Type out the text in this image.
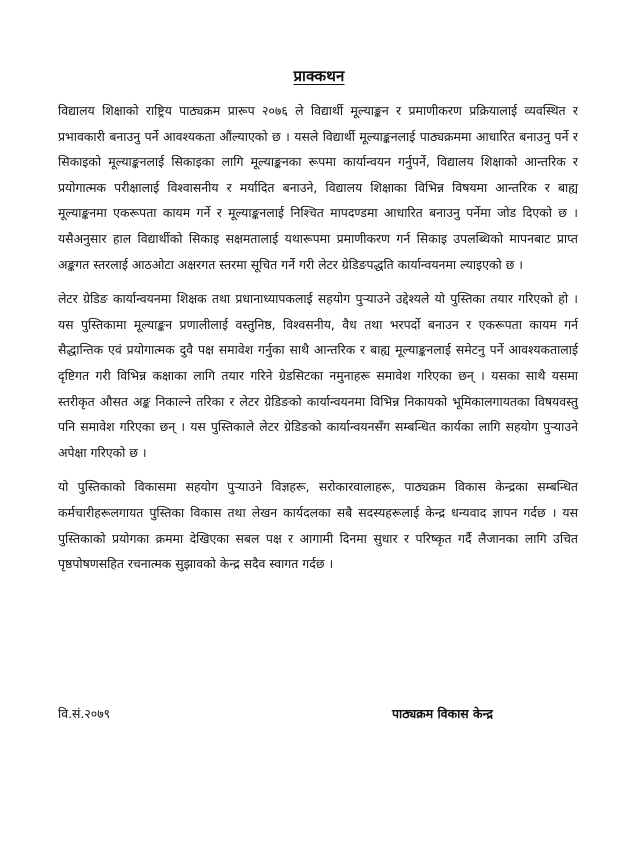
प्राक्कथन

विद्यालय शिक्षाको राष्ट्रिय पाठ्यक्रम प्रारूप २०७६ ले विद्यार्थी मूल्याङ्कन र प्रमाणीकरण प्रक्रियालाई व्यवस्थित र प्रभावकारी बनाउनु पर्ने आवश्यकता औंल्याएको छ । यसले विद्यार्थी मूल्याङ्कनलाई पाठ्यक्रममा आधारित बनाउनु पर्ने र सिकाइको मूल्याङ्कनलाई सिकाइका लागि मूल्याङ्कनका रूपमा कार्यान्वयन गर्नुपर्ने, विद्यालय शिक्षाको आन्तरिक र प्रयोगात्मक परीक्षालाई विश्वासनीय र मर्यादित बनाउने, विद्यालय शिक्षाका विभिन्न विषयमा आन्तरिक र बाह्य मूल्याङ्कनमा एकरूपता कायम गर्ने र मूल्याङ्कनलाई निश्चित मापदण्डमा आधारित बनाउनु पर्नेमा जोड दिएको छ । यसैअनुसार हाल विद्यार्थीको सिकाइ सक्षमतालाई यथारूपमा प्रमाणीकरण गर्न सिकाइ उपलब्धिको मापनबाट प्राप्त अङ्कगत स्तरलाई आठओटा अक्षरगत स्तरमा सूचित गर्ने गरी लेटर ग्रेडिङपद्धति कार्यान्वयनमा ल्याइएको छ ।

लेटर ग्रेडिङ कार्यान्वयनमा शिक्षक तथा प्रधानाध्यापकलाई सहयोग पुऱ्याउने उद्देश्यले यो पुस्तिका तयार गरिएको हो । यस पुस्तिकामा मूल्याङ्कन प्रणालीलाई वस्तुनिष्ठ, विश्वसनीय, वैध तथा भरपर्दो बनाउन र एकरूपता कायम गर्न सैद्धान्तिक एवं प्रयोगात्मक दुवै पक्ष समावेश गर्नुका साथै आन्तरिक र बाह्य मूल्याङ्कनलाई समेटनु पर्ने आवश्यकतालाई दृष्टिगत गरी विभिन्न कक्षाका लागि तयार गरिने ग्रेडसिटका नमुनाहरू समावेश गरिएका छन् । यसका साथै यसमा स्तरीकृत औसत अङ्क निकाल्ने तरिका र लेटर ग्रेडिङको कार्यान्वयनमा विभिन्न निकायको भूमिकालगायतका विषयवस्तु पनि समावेश गरिएका छन् । यस पुस्तिकाले लेटर ग्रेडिङको कार्यान्वयनसँग सम्बन्धित कार्यका लागि सहयोग पुऱ्याउने अपेक्षा गरिएको छ ।

यो पुस्तिकाको विकासमा सहयोग पुऱ्याउने विज्ञहरू, सरोकारवालाहरू, पाठ्यक्रम विकास केन्द्रका सम्बन्धित कर्मचारीहरूलगायत पुस्तिका विकास तथा लेखन कार्यदलका सबै सदस्यहरूलाई केन्द्र धन्यवाद ज्ञापन गर्दछ । यस पुस्तिकाको प्रयोगका क्रममा देखिएका सबल पक्ष र आगामी दिनमा सुधार र परिष्कृत गर्दै लैजानका लागि उचित पृष्ठपोषणसहित रचनात्मक सुझावको केन्द्र सदैव स्वागत गर्दछ ।

वि.सं.२०७९	पाठ्यक्रम विकास केन्द्र
